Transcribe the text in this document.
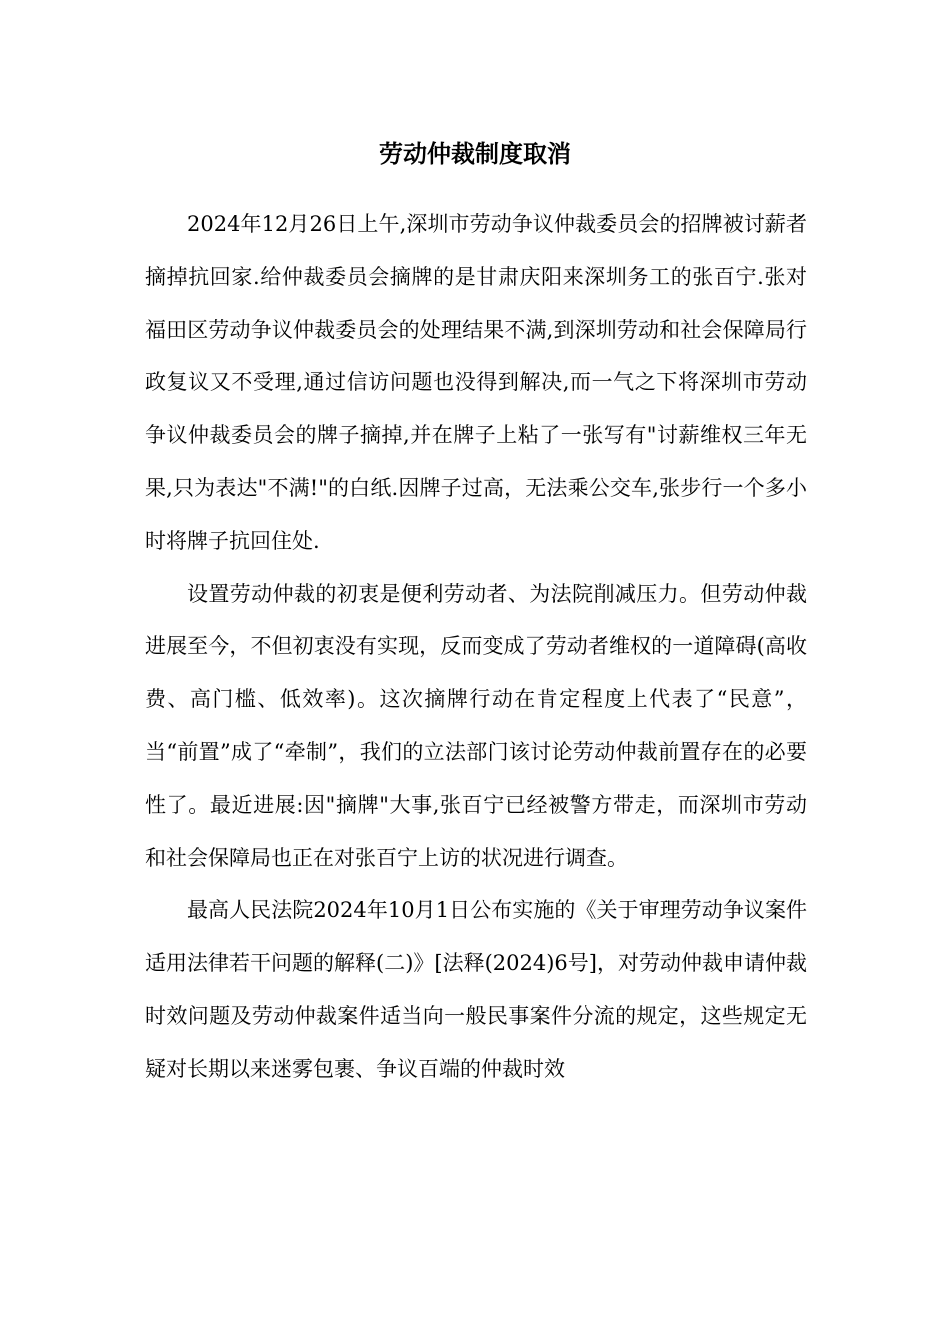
劳动仲裁制度取消

2024年12月26日上午,深圳市劳动争议仲裁委员会的招牌被讨薪者摘掉抗回家.给仲裁委员会摘牌的是甘肃庆阳来深圳务工的张百宁.张对福田区劳动争议仲裁委员会的处理结果不满,到深圳劳动和社会保障局行政复议又不受理,通过信访问题也没得到解决,而一气之下将深圳市劳动争议仲裁委员会的牌子摘掉,并在牌子上粘了一张写有"讨薪维权三年无果,只为表达"不满!"的白纸.因牌子过高，无法乘公交车,张步行一个多小时将牌子抗回住处.

设置劳动仲裁的初衷是便利劳动者、为法院削减压力。但劳动仲裁进展至今，不但初衷没有实现，反而变成了劳动者维权的一道障碍(高收费、高门槛、低效率)。这次摘牌行动在肯定程度上代表了“民意”，当“前置”成了“牵制”，我们的立法部门该讨论劳动仲裁前置存在的必要性了。最近进展:因"摘牌"大事,张百宁已经被警方带走，而深圳市劳动和社会保障局也正在对张百宁上访的状况进行调查。

最高人民法院2024年10月1日公布实施的《关于审理劳动争议案件适用法律若干问题的解释(二)》[法释(2024)6号]，对劳动仲裁申请仲裁时效问题及劳动仲裁案件适当向一般民事案件分流的规定，这些规定无疑对长期以来迷雾包裹、争议百端的仲裁时效
